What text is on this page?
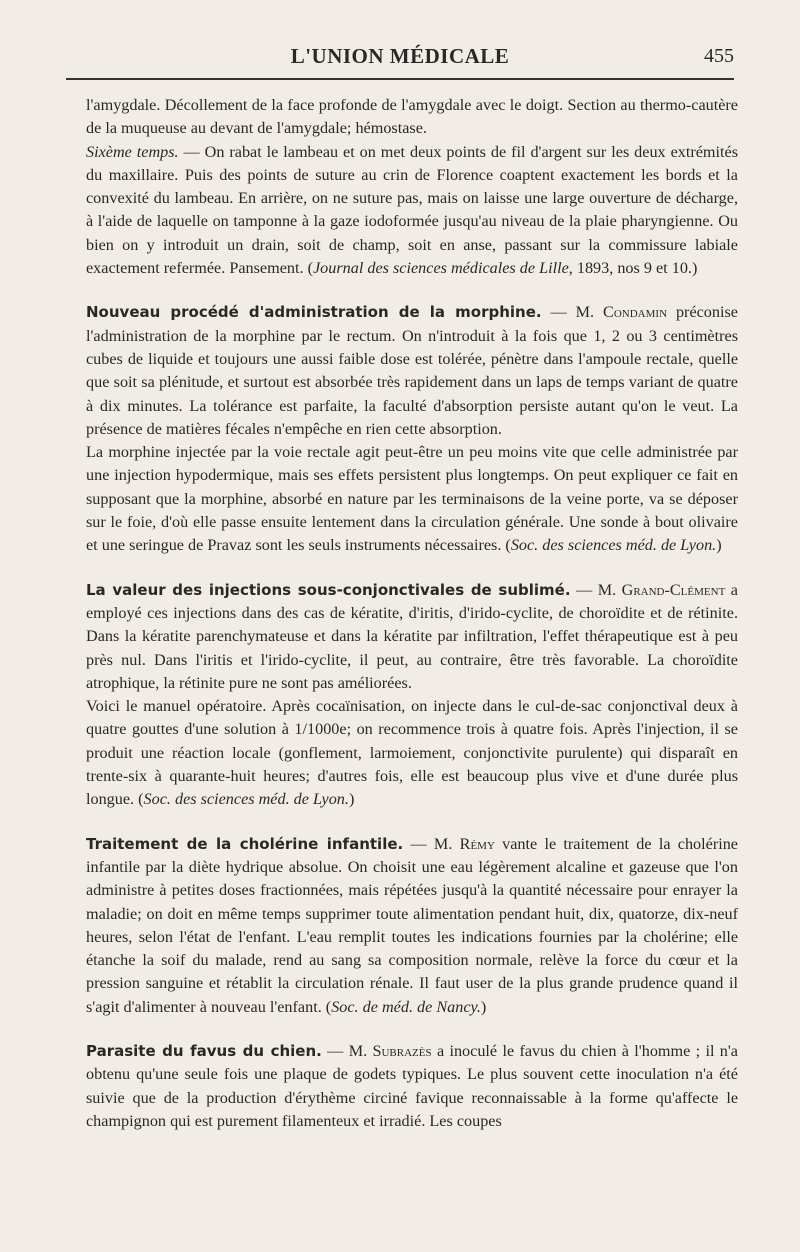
L'UNION MÉDICALE	455

l'amygdale. Décollement de la face profonde de l'amygdale avec le doigt. Section au thermo-cautère de la muqueuse au devant de l'amygdale; hémostase.

Sixème temps. — On rabat le lambeau et on met deux points de fil d'argent sur les deux extrémités du maxillaire. Puis des points de suture au crin de Florence coaptent exactement les bords et la convexité du lambeau. En arrière, on ne suture pas, mais on laisse une large ouverture de décharge, à l'aide de laquelle on tamponne à la gaze iodoformée jusqu'au niveau de la plaie pharyngienne. Ou bien on y introduit un drain, soit de champ, soit en anse, passant sur la commissure labiale exactement refermée. Pansement. (Journal des sciences médicales de Lille, 1893, nos 9 et 10.)

Nouveau procédé d'administration de la morphine. — M. Condamin préconise l'administration de la morphine par le rectum. On n'introduit à la fois que 1, 2 ou 3 centimètres cubes de liquide et toujours une aussi faible dose est tolérée, pénètre dans l'ampoule rectale, quelle que soit sa plénitude, et surtout est absorbée très rapidement dans un laps de temps variant de quatre à dix minutes. La tolérance est parfaite, la faculté d'absorption persiste autant qu'on le veut. La présence de matières fécales n'empêche en rien cette absorption.

La morphine injectée par la voie rectale agit peut-être un peu moins vite que celle administrée par une injection hypodermique, mais ses effets persistent plus longtemps. On peut expliquer ce fait en supposant que la morphine, absorbé en nature par les terminaisons de la veine porte, va se déposer sur le foie, d'où elle passe ensuite lentement dans la circulation générale. Une sonde à bout olivaire et une seringue de Pravaz sont les seuls instruments nécessaires. (Soc. des sciences méd. de Lyon.)

La valeur des injections sous-conjonctivales de sublimé. — M. Grand-Clément a employé ces injections dans des cas de kératite, d'iritis, d'irido-cyclite, de choroïdite et de rétinite. Dans la kératite parenchymateuse et dans la kératite par infiltration, l'effet thérapeutique est à peu près nul. Dans l'iritis et l'irido-cyclite, il peut, au contraire, être très favorable. La choroïdite atrophique, la rétinite pure ne sont pas améliorées.

Voici le manuel opératoire. Après cocaïnisation, on injecte dans le cul-de-sac conjonctival deux à quatre gouttes d'une solution à 1/1000e; on recommence trois à quatre fois. Après l'injection, il se produit une réaction locale (gonflement, larmoiement, conjonctivite purulente) qui disparaît en trente-six à quarante-huit heures; d'autres fois, elle est beaucoup plus vive et d'une durée plus longue. (Soc. des sciences méd. de Lyon.)

Traitement de la cholérine infantile. — M. Rémy vante le traitement de la cholérine infantile par la diète hydrique absolue. On choisit une eau légèrement alcaline et gazeuse que l'on administre à petites doses fractionnées, mais répétées jusqu'à la quantité nécessaire pour enrayer la maladie; on doit en même temps supprimer toute alimentation pendant huit, dix, quatorze, dix-neuf heures, selon l'état de l'enfant. L'eau remplit toutes les indications fournies par la cholérine; elle étanche la soif du malade, rend au sang sa composition normale, relève la force du cœur et la pression sanguine et rétablit la circulation rénale. Il faut user de la plus grande prudence quand il s'agit d'alimenter à nouveau l'enfant. (Soc. de méd. de Nancy.)

Parasite du favus du chien. — M. Subrazès a inoculé le favus du chien à l'homme ; il n'a obtenu qu'une seule fois une plaque de godets typiques. Le plus souvent cette inoculation n'a été suivie que de la production d'érythème circiné favique reconnaissable à la forme qu'affecte le champignon qui est purement filamenteux et irradié. Les coupes
